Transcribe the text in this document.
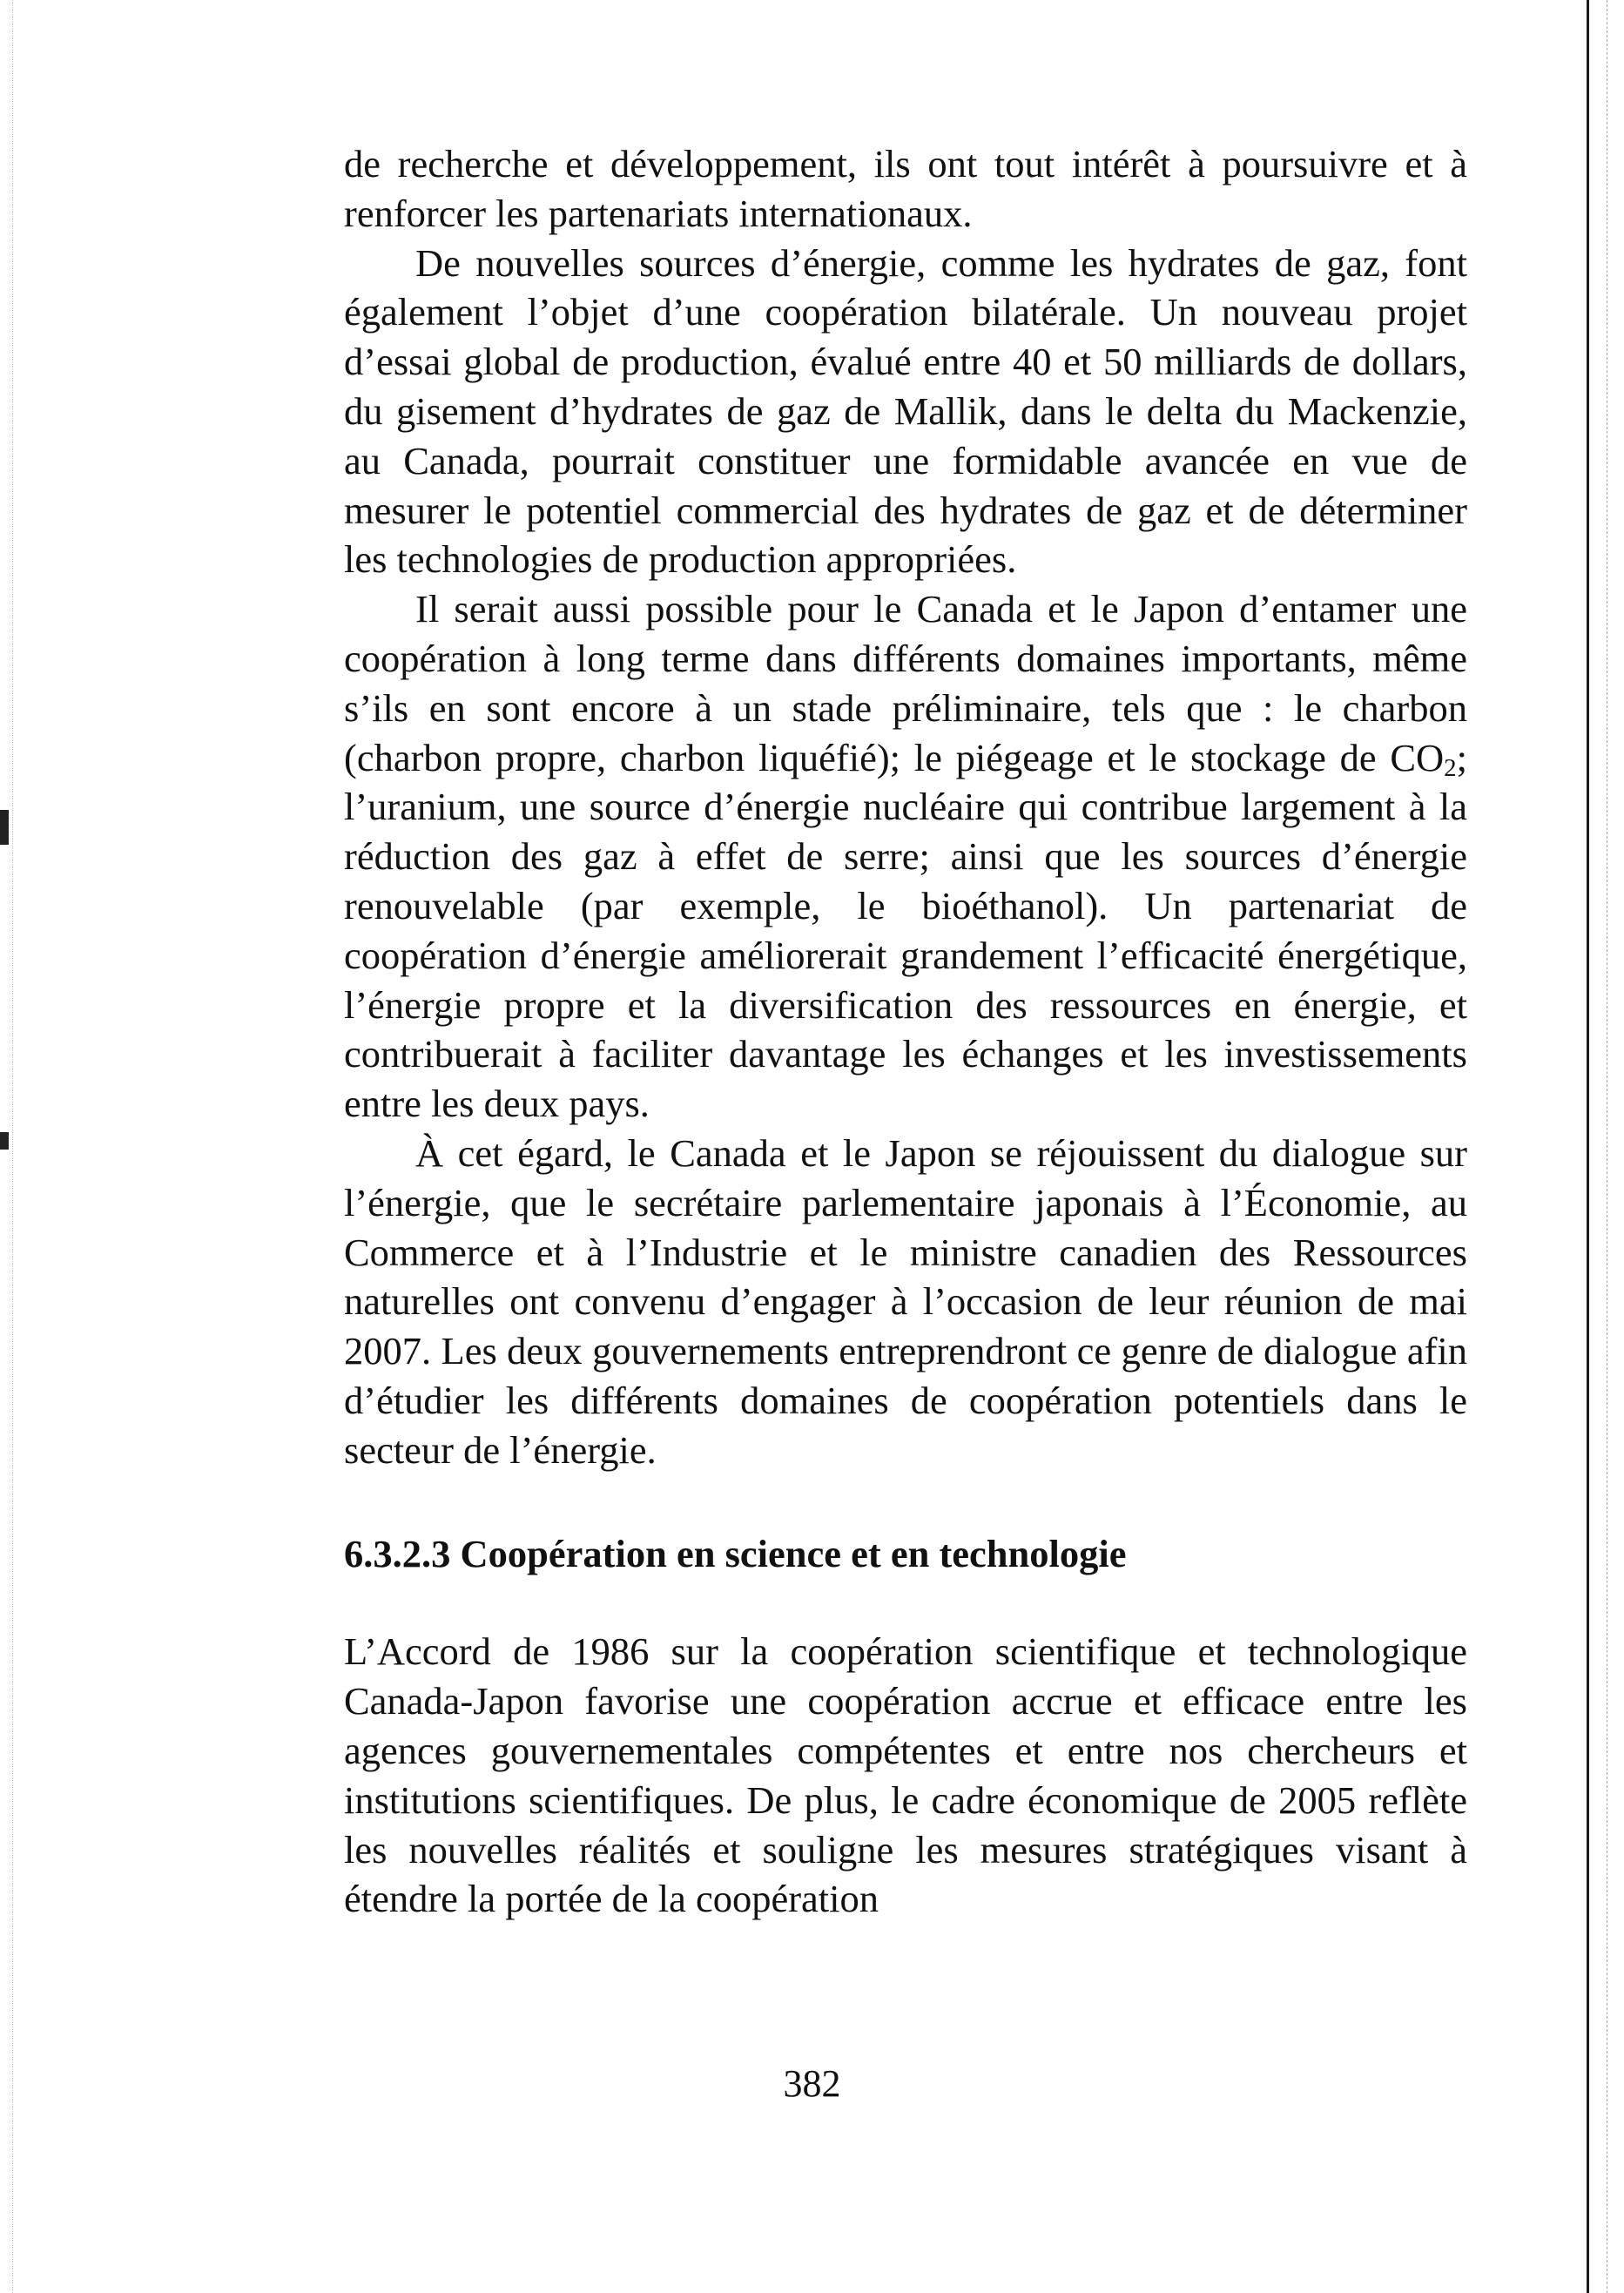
de recherche et développement, ils ont tout intérêt à poursuivre et à renforcer les partenariats internationaux.

De nouvelles sources d’énergie, comme les hydrates de gaz, font également l’objet d’une coopération bilatérale. Un nouveau projet d’essai global de production, évalué entre 40 et 50 milliards de dollars, du gisement d’hydrates de gaz de Mallik, dans le delta du Mackenzie, au Canada, pourrait constituer une formidable avancée en vue de mesurer le potentiel commercial des hydrates de gaz et de déterminer les technologies de production appropriées.

Il serait aussi possible pour le Canada et le Japon d’entamer une coopération à long terme dans différents domaines importants, même s’ils en sont encore à un stade préliminaire, tels que : le charbon (charbon propre, charbon liquéfié); le piégeage et le stockage de $CO_2$; l’uranium, une source d’énergie nucléaire qui contribue largement à la réduction des gaz à effet de serre; ainsi que les sources d’énergie renouvelable (par exemple, le bioéthanol). Un partenariat de coopération d’énergie améliorerait grandement l’efficacité énergétique, l’énergie propre et la diversification des ressources en énergie, et contribuerait à faciliter davantage les échanges et les investissements entre les deux pays.

À cet égard, le Canada et le Japon se réjouissent du dialogue sur l’énergie, que le secrétaire parlementaire japonais à l’Économie, au Commerce et à l’Industrie et le ministre canadien des Ressources naturelles ont convenu d’engager à l’occasion de leur réunion de mai 2007. Les deux gouvernements entreprendront ce genre de dialogue afin d’étudier les différents domaines de coopération potentiels dans le secteur de l’énergie.

6.3.2.3 Coopération en science et en technologie

L’Accord de 1986 sur la coopération scientifique et technologique Canada-Japon favorise une coopération accrue et efficace entre les agences gouvernementales compétentes et entre nos chercheurs et institutions scientifiques. De plus, le cadre économique de 2005 reflète les nouvelles réalités et souligne les mesures stratégiques visant à étendre la portée de la coopération

382
